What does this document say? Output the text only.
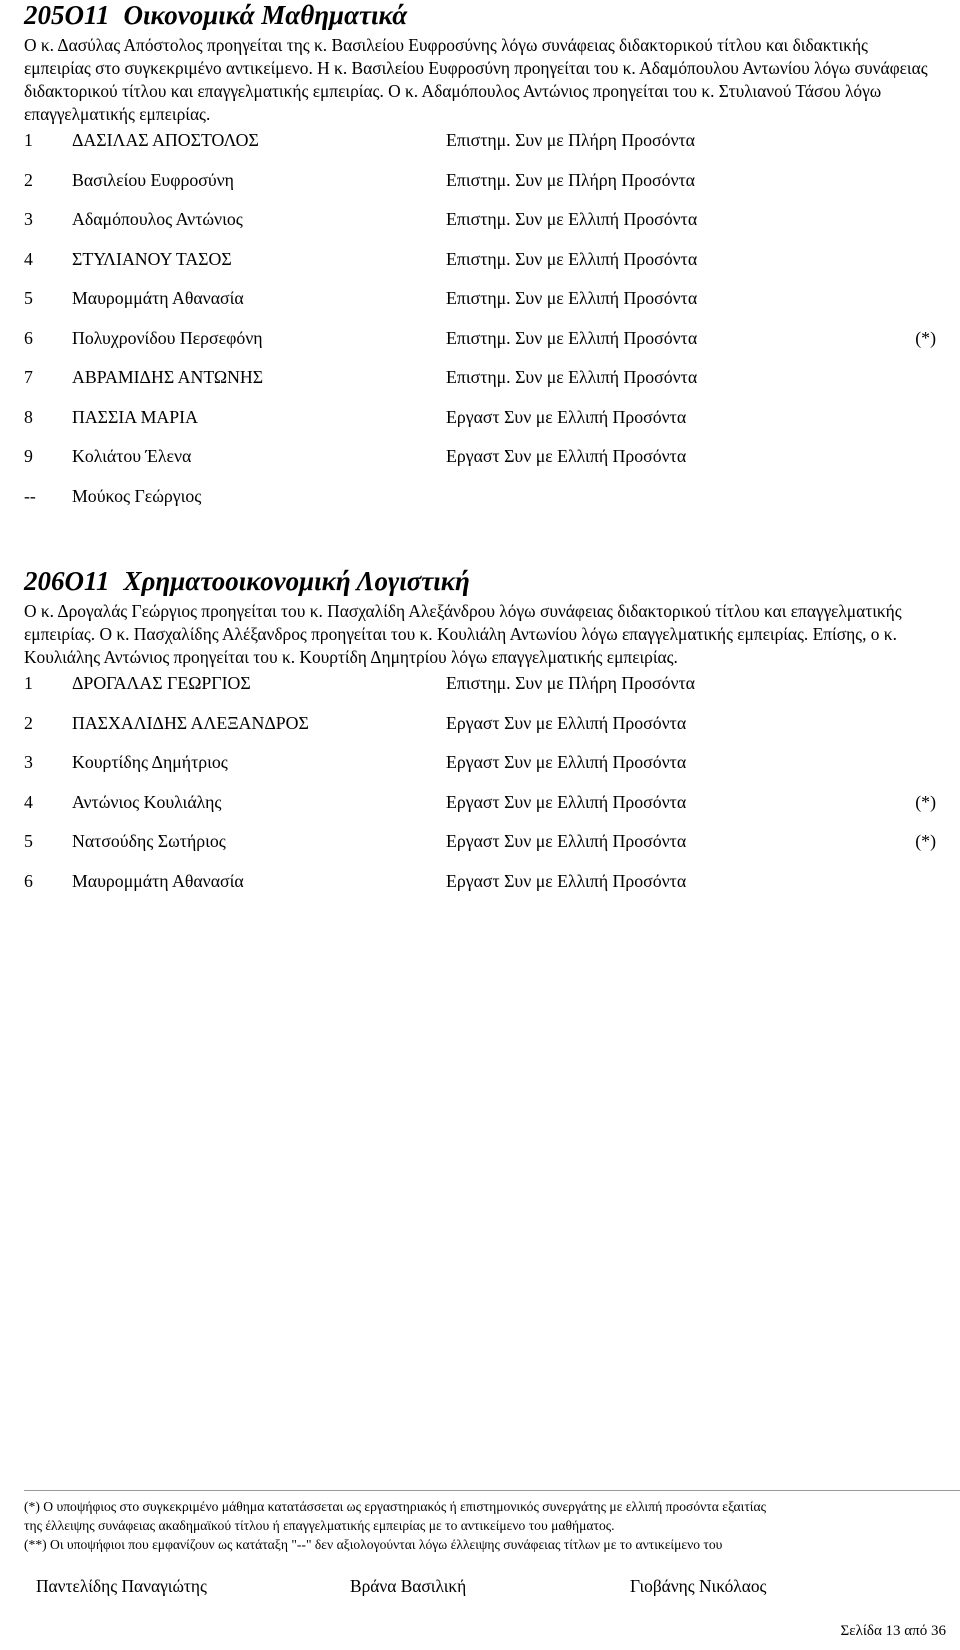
205Ο11 Οικονομικά Μαθηματικά

Ο κ. Δασύλας Απόστολος προηγείται της κ. Βασιλείου Ευφροσύνης λόγω συνάφειας διδακτορικού τίτλου και διδακτικής εμπειρίας στο συγκεκριμένο αντικείμενο. Η κ. Βασιλείου Ευφροσύνη προηγείται του κ. Αδαμόπουλου Αντωνίου λόγω συνάφειας διδακτορικού τίτλου και επαγγελματικής εμπειρίας. Ο κ. Αδαμόπουλος Αντώνιος προηγείται του κ. Στυλιανού Τάσου λόγω επαγγελματικής εμπειρίας.

1 ΔΑΣΙΛΑΣ ΑΠΟΣΤΟΛΟΣ	Επιστημ. Συν με Πλήρη Προσόντα
2 Βασιλείου Ευφροσύνη	Επιστημ. Συν με Πλήρη Προσόντα
3 Αδαμόπουλος Αντώνιος	Επιστημ. Συν με Ελλιπή Προσόντα
4 ΣΤΥΛΙΑΝΟΥ ΤΑΣΟΣ	Επιστημ. Συν με Ελλιπή Προσόντα
5 Μαυρομμάτη Αθανασία	Επιστημ. Συν με Ελλιπή Προσόντα
6 Πολυχρονίδου Περσεφόνη	Επιστημ. Συν με Ελλιπή Προσόντα	(*)
7 ΑΒΡΑΜΙΔΗΣ ΑΝΤΩΝΗΣ	Επιστημ. Συν με Ελλιπή Προσόντα
8 ΠΑΣΣΙΑ ΜΑΡΙΑ	Εργαστ Συν με Ελλιπή Προσόντα
9 Κολιάτου Έλενα	Εργαστ Συν με Ελλιπή Προσόντα
-- Μούκος Γεώργιος
206Ο11 Χρηματοοικονομική Λογιστική

Ο κ. Δρογαλάς Γεώργιος προηγείται του κ. Πασχαλίδη Αλεξάνδρου λόγω συνάφειας διδακτορικού τίτλου και επαγγελματικής εμπειρίας. Ο κ. Πασχαλίδης Αλέξανδρος προηγείται του κ. Κουλιάλη Αντωνίου λόγω επαγγελματικής εμπειρίας. Επίσης, ο κ. Κουλιάλης Αντώνιος προηγείται του κ. Κουρτίδη Δημητρίου λόγω επαγγελματικής εμπειρίας.

1 ΔΡΟΓΑΛΑΣ ΓΕΩΡΓΙΟΣ	Επιστημ. Συν με Πλήρη Προσόντα
2 ΠΑΣΧΑΛΙΔΗΣ ΑΛΕΞΑΝΔΡΟΣ	Εργαστ Συν με Ελλιπή Προσόντα
3 Κουρτίδης Δημήτριος	Εργαστ Συν με Ελλιπή Προσόντα
4 Αντώνιος Κουλιάλης	Εργαστ Συν με Ελλιπή Προσόντα	(*)
5 Νατσούδης Σωτήριος	Εργαστ Συν με Ελλιπή Προσόντα	(*)
6 Μαυρομμάτη Αθανασία	Εργαστ Συν με Ελλιπή Προσόντα
(*) Ο υποψήφιος στο συγκεκριμένο μάθημα κατατάσσεται ως εργαστηριακός ή επιστημονικός συνεργάτης με ελλιπή προσόντα εξαιτίας
της έλλειψης συνάφειας ακαδημαϊκού τίτλου ή επαγγελματικής εμπειρίας με το αντικείμενο του μαθήματος.
(**) Οι υποψήφιοι που εμφανίζουν ως κατάταξη "--" δεν αξιολογούνται λόγω έλλειψης συνάφειας τίτλων με το αντικείμενο του
Παντελίδης Παναγιώτης	Βράνα Βασιλική	Γιοβάνης Νικόλαος
Σελίδα 13 από 36
